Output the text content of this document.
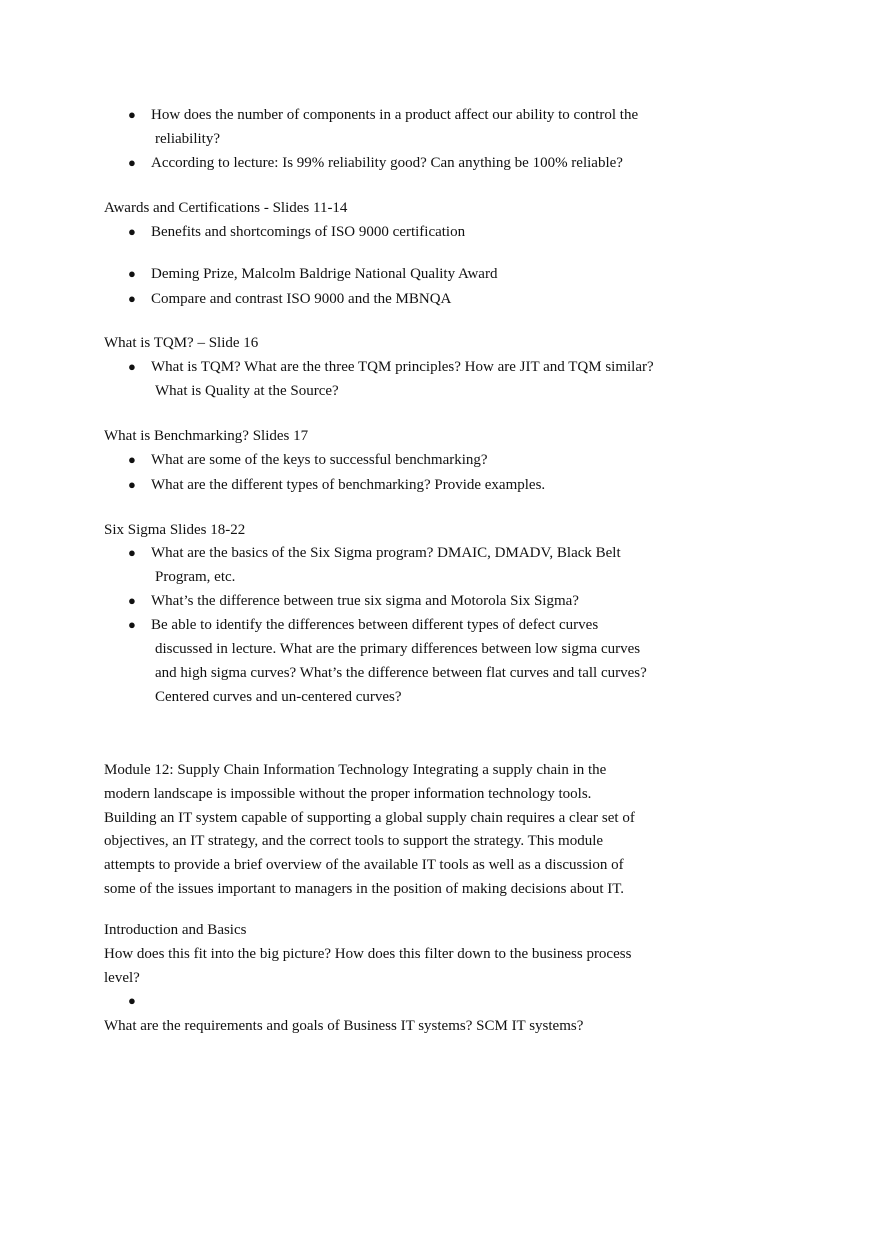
● How does the number of components in a product affect our ability to control the
reliability?
● According to lecture: Is 99% reliability good? Can anything be 100% reliable?
Awards and Certifications - Slides 11-14
● Benefits and shortcomings of ISO 9000 certification
● Deming Prize, Malcolm Baldrige National Quality Award
● Compare and contrast ISO 9000 and the MBNQA
What is TQM? – Slide 16
● What is TQM? What are the three TQM principles? How are JIT and TQM similar?
What is Quality at the Source?
What is Benchmarking? Slides 17
● What are some of the keys to successful benchmarking?
● What are the different types of benchmarking? Provide examples.
Six Sigma Slides 18-22
● What are the basics of the Six Sigma program? DMAIC, DMADV, Black Belt
Program, etc.
● What’s the difference between true six sigma and Motorola Six Sigma?
● Be able to identify the differences between different types of defect curves
discussed in lecture. What are the primary differences between low sigma curves
and high sigma curves? What’s the difference between flat curves and tall curves?
Centered curves and un-centered curves?
Module 12: Supply Chain Information Technology Integrating a supply chain in the
modern landscape is impossible without the proper information technology tools.
Building an IT system capable of supporting a global supply chain requires a clear set of
objectives, an IT strategy, and the correct tools to support the strategy. This module
attempts to provide a brief overview of the available IT tools as well as a discussion of
some of the issues important to managers in the position of making decisions about IT.
Introduction and Basics
How does this fit into the big picture? How does this filter down to the business process
level?
●
What are the requirements and goals of Business IT systems? SCM IT systems?
